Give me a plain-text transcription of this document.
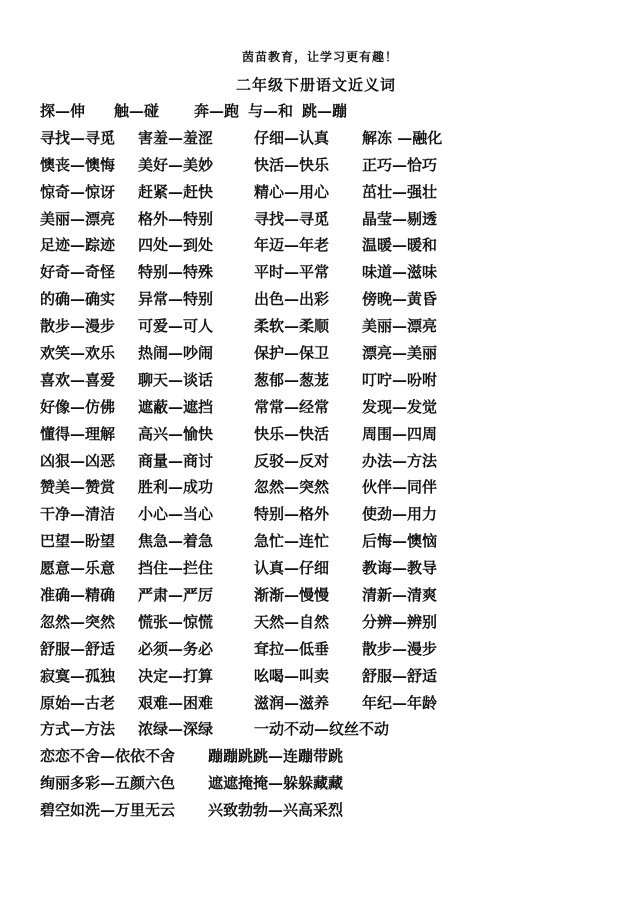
茵苗教育，让学习更有趣！
二年级下册语文近义词
探—伸 触—碰 奔—跑 与—和 跳—蹦
寻找—寻觅 害羞—羞涩	仔细—认真 解冻 —融化
懊丧—懊悔 美好—美妙	快活—快乐 正巧—恰巧
惊奇—惊讶 赶紧—赶快	精心—用心 茁壮—强壮
美丽—漂亮 格外—特别	寻找—寻觅 晶莹—剔透
足迹—踪迹 四处—到处	年迈—年老 温暖—暖和
好奇—奇怪 特别—特殊	平时—平常 味道—滋味
的确—确实 异常—特别	出色—出彩 傍晚—黄昏
散步—漫步 可爱—可人	柔软—柔顺 美丽—漂亮
欢笑—欢乐 热闹—吵闹	保护—保卫 漂亮—美丽
喜欢—喜爱 聊天—谈话	葱郁—葱茏 叮咛—吩咐
好像—仿佛 遮蔽—遮挡	常常—经常 发现—发觉
懂得—理解 高兴—愉快	快乐—快活 周围—四周
凶狠—凶恶 商量—商讨	反驳—反对 办法—方法
赞美—赞赏 胜利—成功	忽然—突然 伙伴—同伴
干净—清洁 小心—当心	特别—格外 使劲—用力
巴望—盼望 焦急—着急	急忙—连忙 后悔—懊恼
愿意—乐意 挡住—拦住	认真—仔细 教诲—教导
准确—精确 严肃—严厉	渐渐—慢慢 清新—清爽
忽然—突然 慌张—惊慌	天然—自然 分辨—辨别
舒服—舒适 必须—务必	耷拉—低垂 散步—漫步
寂寞—孤独 决定—打算	吆喝—叫卖 舒服—舒适
原始—古老 艰难—困难	滋润—滋养 年纪—年龄
方式—方法 浓绿—深绿	一动不动—纹丝不动
恋恋不舍—依依不舍 蹦蹦跳跳—连蹦带跳
绚丽多彩—五颜六色 遮遮掩掩—躲躲藏藏
碧空如洗—万里无云 兴致勃勃—兴高采烈
